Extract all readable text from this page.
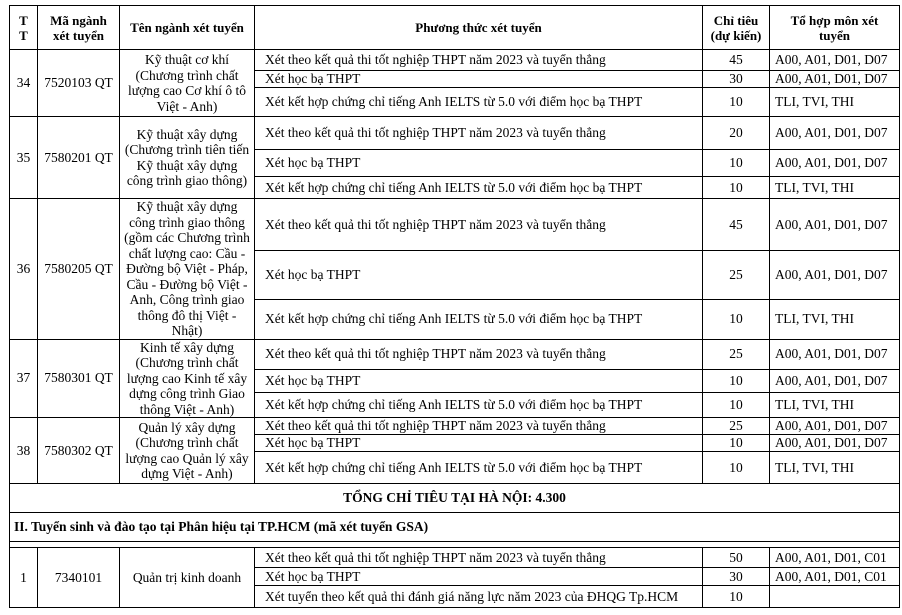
T T	Mã ngành xét tuyển	Tên ngành xét tuyển	Phương thức xét tuyển	Chỉ tiêu (dự kiến)	Tổ hợp môn xét tuyển
34	7520103 QT	Kỹ thuật cơ khí (Chương trình chất lượng cao Cơ khí ô tô Việt - Anh)	Xét theo kết quả thi tốt nghiệp THPT năm 2023 và tuyển thẳng	45	A00, A01, D01, D07
			Xét học bạ THPT	30	A00, A01, D01, D07
			Xét kết hợp chứng chỉ tiếng Anh IELTS từ 5.0 với điểm học bạ THPT	10	TLI, TVI, THI
35	7580201 QT	Kỹ thuật xây dựng (Chương trình tiên tiến Kỹ thuật xây dựng công trình giao thông)	Xét theo kết quả thi tốt nghiệp THPT năm 2023 và tuyển thẳng	20	A00, A01, D01, D07
			Xét học bạ THPT	10	A00, A01, D01, D07
			Xét kết hợp chứng chỉ tiếng Anh IELTS từ 5.0 với điểm học bạ THPT	10	TLI, TVI, THI
36	7580205 QT	Kỹ thuật xây dựng công trình giao thông (gồm các Chương trình chất lượng cao: Cầu - Đường bộ Việt - Pháp, Cầu - Đường bộ Việt - Anh, Công trình giao thông đô thị Việt - Nhật)	Xét theo kết quả thi tốt nghiệp THPT năm 2023 và tuyển thẳng	45	A00, A01, D01, D07
			Xét học bạ THPT	25	A00, A01, D01, D07
			Xét kết hợp chứng chỉ tiếng Anh IELTS từ 5.0 với điểm học bạ THPT	10	TLI, TVI, THI
37	7580301 QT	Kinh tế xây dựng (Chương trình chất lượng cao Kinh tế xây dựng công trình Giao thông Việt - Anh)	Xét theo kết quả thi tốt nghiệp THPT năm 2023 và tuyển thẳng	25	A00, A01, D01, D07
			Xét học bạ THPT	10	A00, A01, D01, D07
			Xét kết hợp chứng chỉ tiếng Anh IELTS từ 5.0 với điểm học bạ THPT	10	TLI, TVI, THI
38	7580302 QT	Quản lý xây dựng (Chương trình chất lượng cao Quản lý xây dựng Việt - Anh)	Xét theo kết quả thi tốt nghiệp THPT năm 2023 và tuyển thẳng	25	A00, A01, D01, D07
			Xét học bạ THPT	10	A00, A01, D01, D07
			Xét kết hợp chứng chỉ tiếng Anh IELTS từ 5.0 với điểm học bạ THPT	10	TLI, TVI, THI
TỔNG CHỈ TIÊU TẠI HÀ NỘI: 4.300					
II. Tuyển sinh và đào tạo tại Phân hiệu tại TP.HCM (mã xét tuyển GSA)					

1	7340101	Quản trị kinh doanh	Xét theo kết quả thi tốt nghiệp THPT năm 2023 và tuyển thẳng	50	A00, A01, D01, C01
			Xét học bạ THPT	30	A00, A01, D01, C01
			Xét tuyển theo kết quả thi đánh giá năng lực năm 2023 của ĐHQG Tp.HCM	10	
